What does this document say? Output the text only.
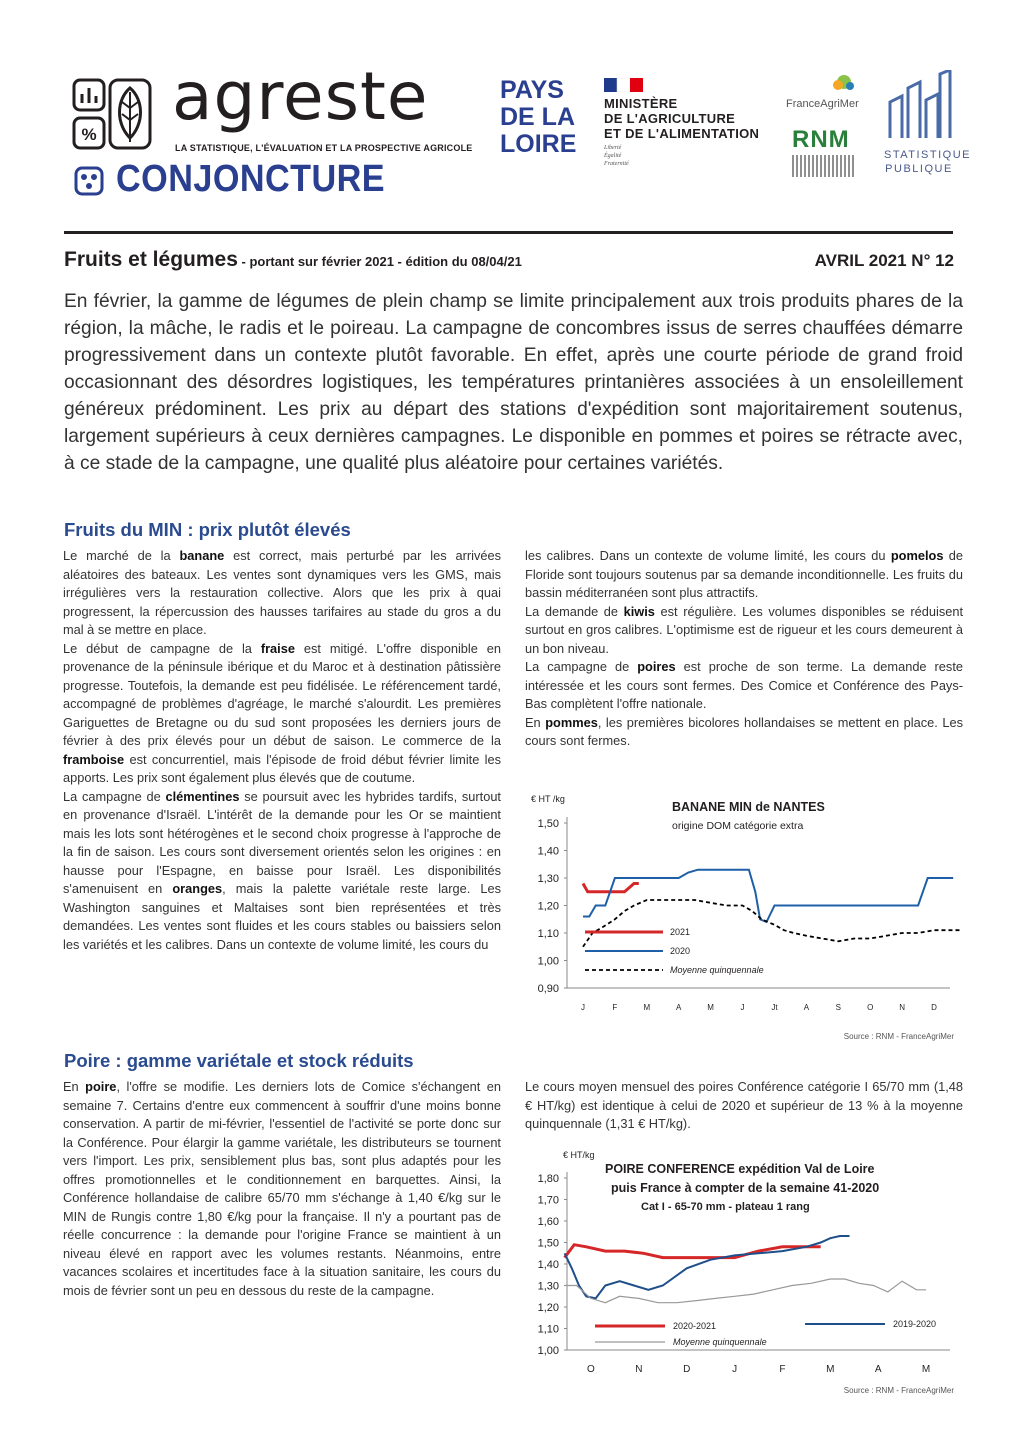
% agreste
LA STATISTIQUE, L'ÉVALUATION ET LA PROSPECTIVE AGRICOLE
CONJONCTURE
PAYS
DE LA
LOIRE
MINISTÈRE
DE L'AGRICULTURE
ET DE L'ALIMENTATION
Liberté
Égalité
Fraternité
FranceAgriMer
RNM
STATISTIQUE
PUBLIQUE
Fruits et légumes - portant sur février 2021 - édition du 08/04/21	AVRIL 2021 N° 12
En février, la gamme de légumes de plein champ se limite principalement aux trois produits phares de la région, la mâche, le radis et le poireau. La campagne de concombres issus de serres chauffées démarre progressivement dans un contexte plutôt favorable. En effet, après une courte période de grand froid occasionnant des désordres logistiques, les températures printanières associées à un ensoleillement généreux prédominent. Les prix au départ des stations d'expédition sont majoritairement soutenus, largement supérieurs à ceux dernières campagnes. Le disponible en pommes et poires se rétracte avec, à ce stade de la campagne, une qualité plus aléatoire pour certaines variétés.
Fruits du MIN : prix plutôt élevés

Le marché de la banane est correct, mais perturbé par les arrivées aléatoires des bateaux. Les ventes sont dynamiques vers les GMS, mais irrégulières vers la restauration collective. Alors que les prix à quai progressent, la répercussion des hausses tarifaires au stade du gros a du mal à se mettre en place.

Le début de campagne de la fraise est mitigé. L'offre disponible en provenance de la péninsule ibérique et du Maroc et à destination pâtissière progresse. Toutefois, la demande est peu fidélisée. Le référencement tardé, accompagné de problèmes d'agréage, le marché s'alourdit. Les premières Gariguettes de Bretagne ou du sud sont proposées les derniers jours de février à des prix élevés pour un début de saison. Le commerce de la framboise est concurrentiel, mais l'épisode de froid début février limite les apports. Les prix sont également plus élevés que de coutume.

La campagne de clémentines se poursuit avec les hybrides tardifs, surtout en provenance d'Israël. L'intérêt de la demande pour les Or se maintient mais les lots sont hétérogènes et le second choix progresse à l'approche de la fin de saison. Les cours sont diversement orientés selon les origines : en hausse pour l'Espagne, en baisse pour Israël. Les disponibilités s'amenuisent en oranges, mais la palette variétale reste large. Les Washington sanguines et Maltaises sont bien représentées et très demandées. Les ventes sont fluides et les cours stables ou baissiers selon les variétés et les calibres. Dans un contexte de volume limité, les cours du

les calibres. Dans un contexte de volume limité, les cours du pomelos de Floride sont toujours soutenus par sa demande inconditionnelle. Les fruits du bassin méditerranéen sont plus attractifs.

La demande de kiwis est régulière. Les volumes disponibles se réduisent surtout en gros calibres. L'optimisme est de rigueur et les cours demeurent à un bon niveau.

La campagne de poires est proche de son terme. La demande reste intéressée et les cours sont fermes. Des Comice et Conférence des Pays-Bas complètent l'offre nationale.

En pommes, les premières bicolores hollandaises se mettent en place. Les cours sont fermes.

€ HT /kg
BANANE MIN de NANTES
origine DOM catégorie extra
1,50
1,40
1,30
1,20
1,10
1,00
0,90
J	F	M	A	M	J	Jt	A	S	O	N	D
2021
2020
Moyenne quinquennale
Source : RNM - FranceAgriMer
Poire : gamme variétale et stock réduits

En poire, l'offre se modifie. Les derniers lots de Comice s'échangent en semaine 7. Certains d'entre eux commencent à souffrir d'une moins bonne conservation. A partir de mi-février, l'essentiel de l'activité se porte donc sur la Conférence. Pour élargir la gamme variétale, les distributeurs se tournent vers l'import. Les prix, sensiblement plus bas, sont plus adaptés pour les offres promotionnelles et le conditionnement en barquettes. Ainsi, la Conférence hollandaise de calibre 65/70 mm s'échange à 1,40 €/kg sur le MIN de Rungis contre 1,80 €/kg pour la française. Il n'y a pourtant pas de réelle concurrence : la demande pour l'origine France se maintient à un niveau élevé en rapport avec les volumes restants. Néanmoins, entre vacances scolaires et incertitudes face à la situation sanitaire, les cours du mois de février sont un peu en dessous du reste de la campagne.

Le cours moyen mensuel des poires Conférence catégorie I 65/70 mm (1,48 € HT/kg) est identique à celui de 2020 et supérieur de 13 % à la moyenne quinquennale (1,31 € HT/kg).

€ HT/kg
POIRE CONFERENCE expédition Val de Loire
puis France à compter de la semaine 41-2020
Cat I - 65-70 mm - plateau 1 rang
1,80
1,70
1,60
1,50
1,40
1,30
1,20
1,10
1,00
O	N	D	J	F	M	A	M
2020-2021	2019-2020
Moyenne quinquennale
Source : RNM - FranceAgriMer
